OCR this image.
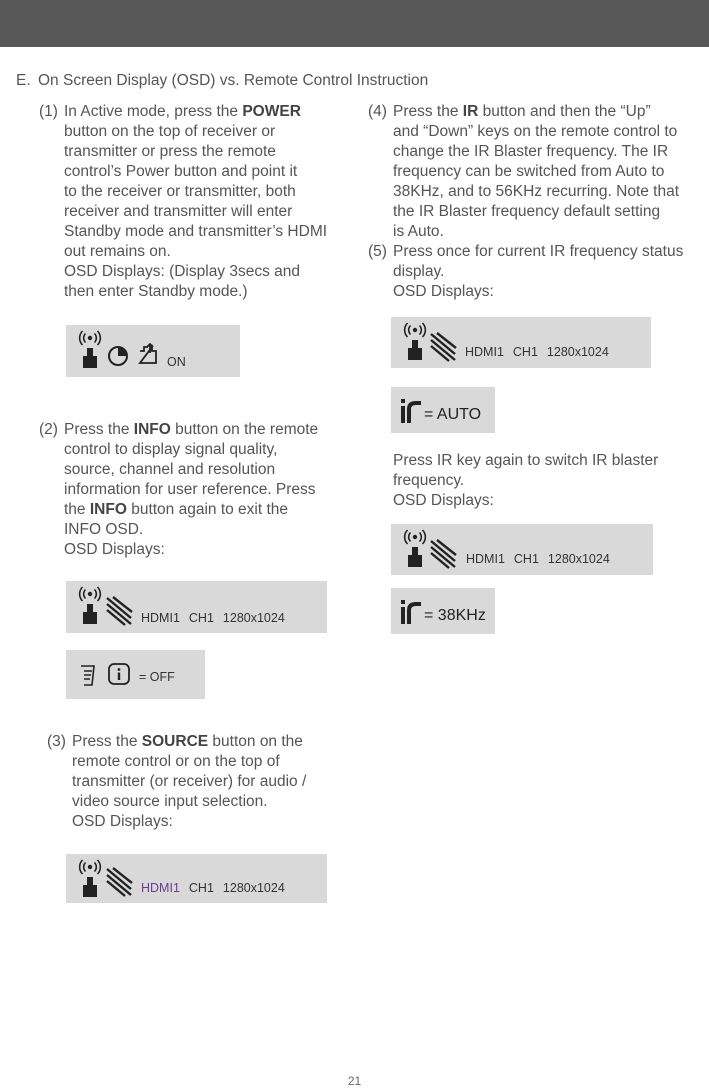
E. On Screen Display (OSD) vs. Remote Control Instruction
(1) In Active mode, press the POWER
button on the top of receiver or
transmitter or press the remote
control’s Power button and point it
to the receiver or transmitter, both
receiver and transmitter will enter
Standby mode and transmitter’s HDMI
out remains on.
OSD Displays: (Display 3secs and
then enter Standby mode.)
ON
(2) Press the INFO button on the remote
control to display signal quality,
source, channel and resolution
information for user reference. Press
the INFO button again to exit the
INFO OSD.
OSD Displays:
HDMI1 CH1 1280x1024
= OFF
(3) Press the SOURCE button on the
remote control or on the top of
transmitter (or receiver) for audio /
video source input selection.
OSD Displays:
HDMI1 CH1 1280x1024
(4) Press the IR button and then the “Up”
and “Down” keys on the remote control to
change the IR Blaster frequency. The IR
frequency can be switched from Auto to
38KHz, and to 56KHz recurring. Note that
the IR Blaster frequency default setting
is Auto.
(5) Press once for current IR frequency status
display.
OSD Displays:
HDMI1 CH1 1280x1024
= AUTO
Press IR key again to switch IR blaster
frequency.
OSD Displays:
HDMI1 CH1 1280x1024
= 38KHz
21
